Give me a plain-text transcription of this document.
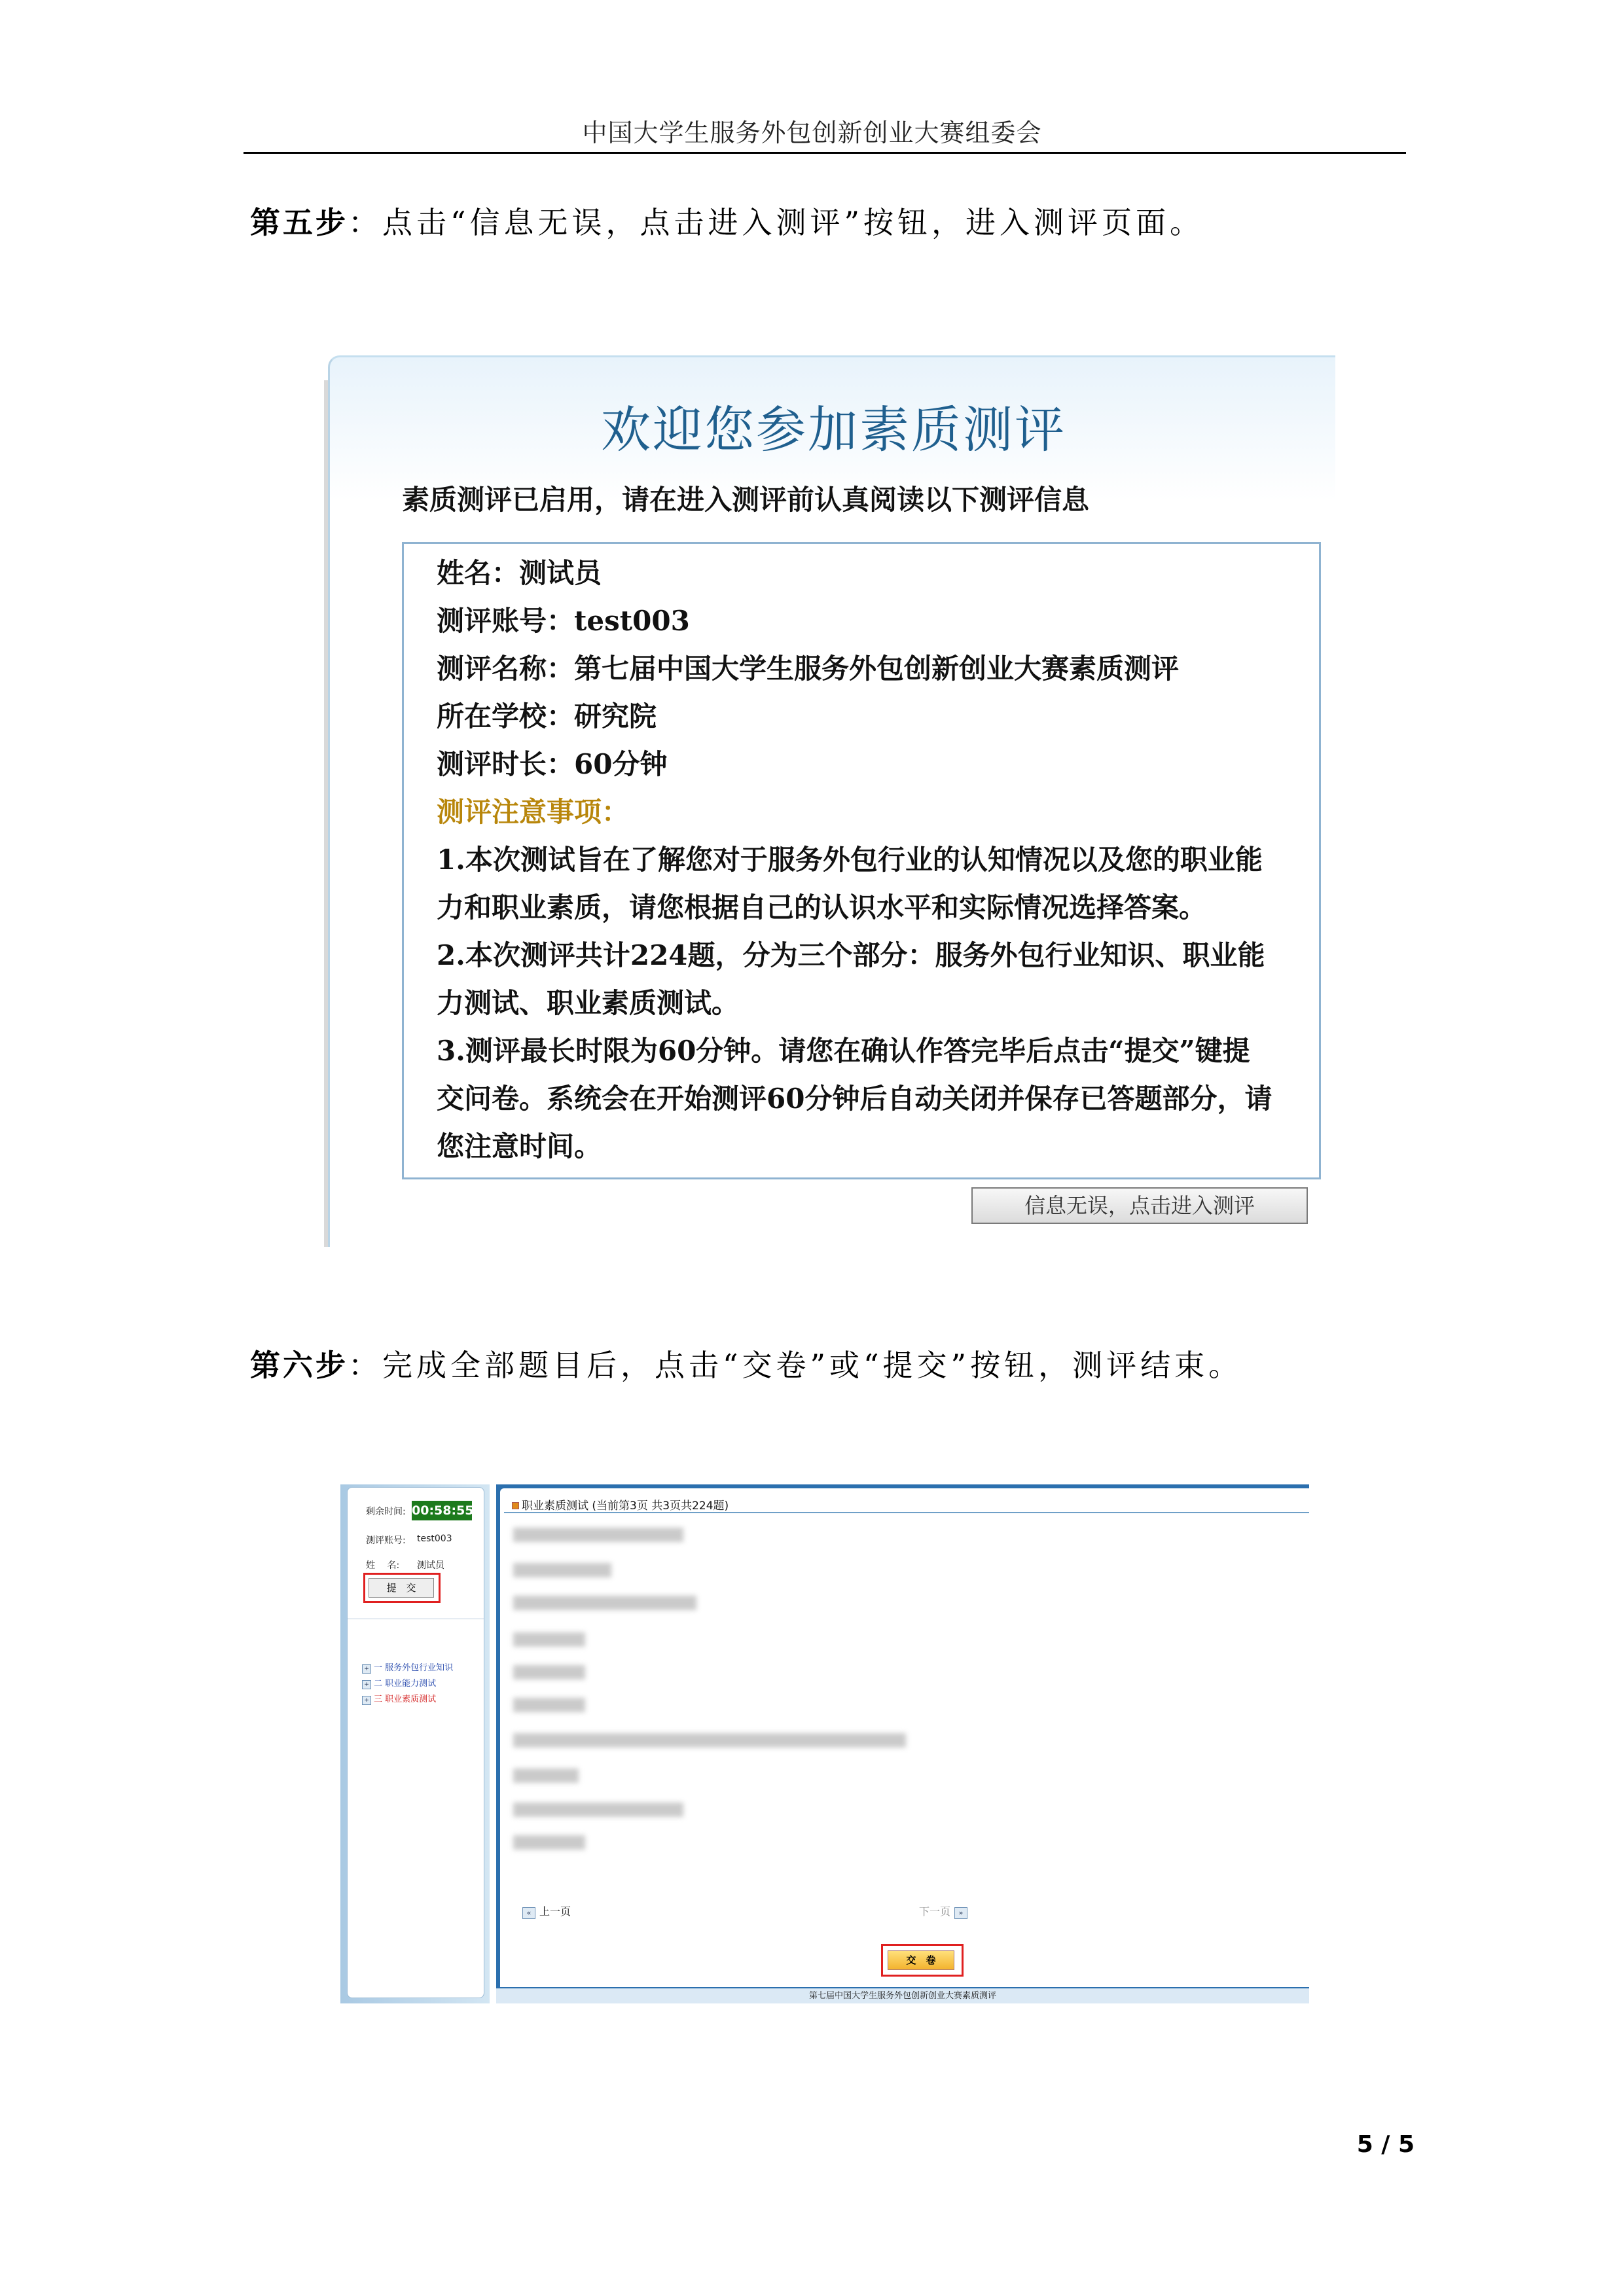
中国大学生服务外包创新创业大赛组委会
第五步：点击“信息无误，点击进入测评”按钮，进入测评页面。
欢迎您参加素质测评
素质测评已启用，请在进入测评前认真阅读以下测评信息
姓名：测试员
测评账号：test003
测评名称：第七届中国大学生服务外包创新创业大赛素质测评
所在学校：研究院
测评时长：60分钟
测评注意事项：
1.本次测试旨在了解您对于服务外包行业的认知情况以及您的职业能
力和职业素质，请您根据自己的认识水平和实际情况选择答案。
2.本次测评共计224题，分为三个部分：服务外包行业知识、职业能
力测试、职业素质测试。
3.测评最长时限为60分钟。请您在确认作答完毕后点击“提交”键提
交问卷。系统会在开始测评60分钟后自动关闭并保存已答题部分，请
您注意时间。
信息无误，点击进入测评
第六步：完成全部题目后，点击“交卷”或“提交”按钮，测评结束。
剩余时间: 00:58:55
测评账号: test003
姓　 名: 测试员
提　交
+ 一 服务外包行业知识
+ 二 职业能力测试
+ 三 职业素质测试
职业素质测试 (当前第3页 共3页共224题)
« 上一页	下一页 »
交　卷
第七届中国大学生服务外包创新创业大赛素质测评
5 / 5
